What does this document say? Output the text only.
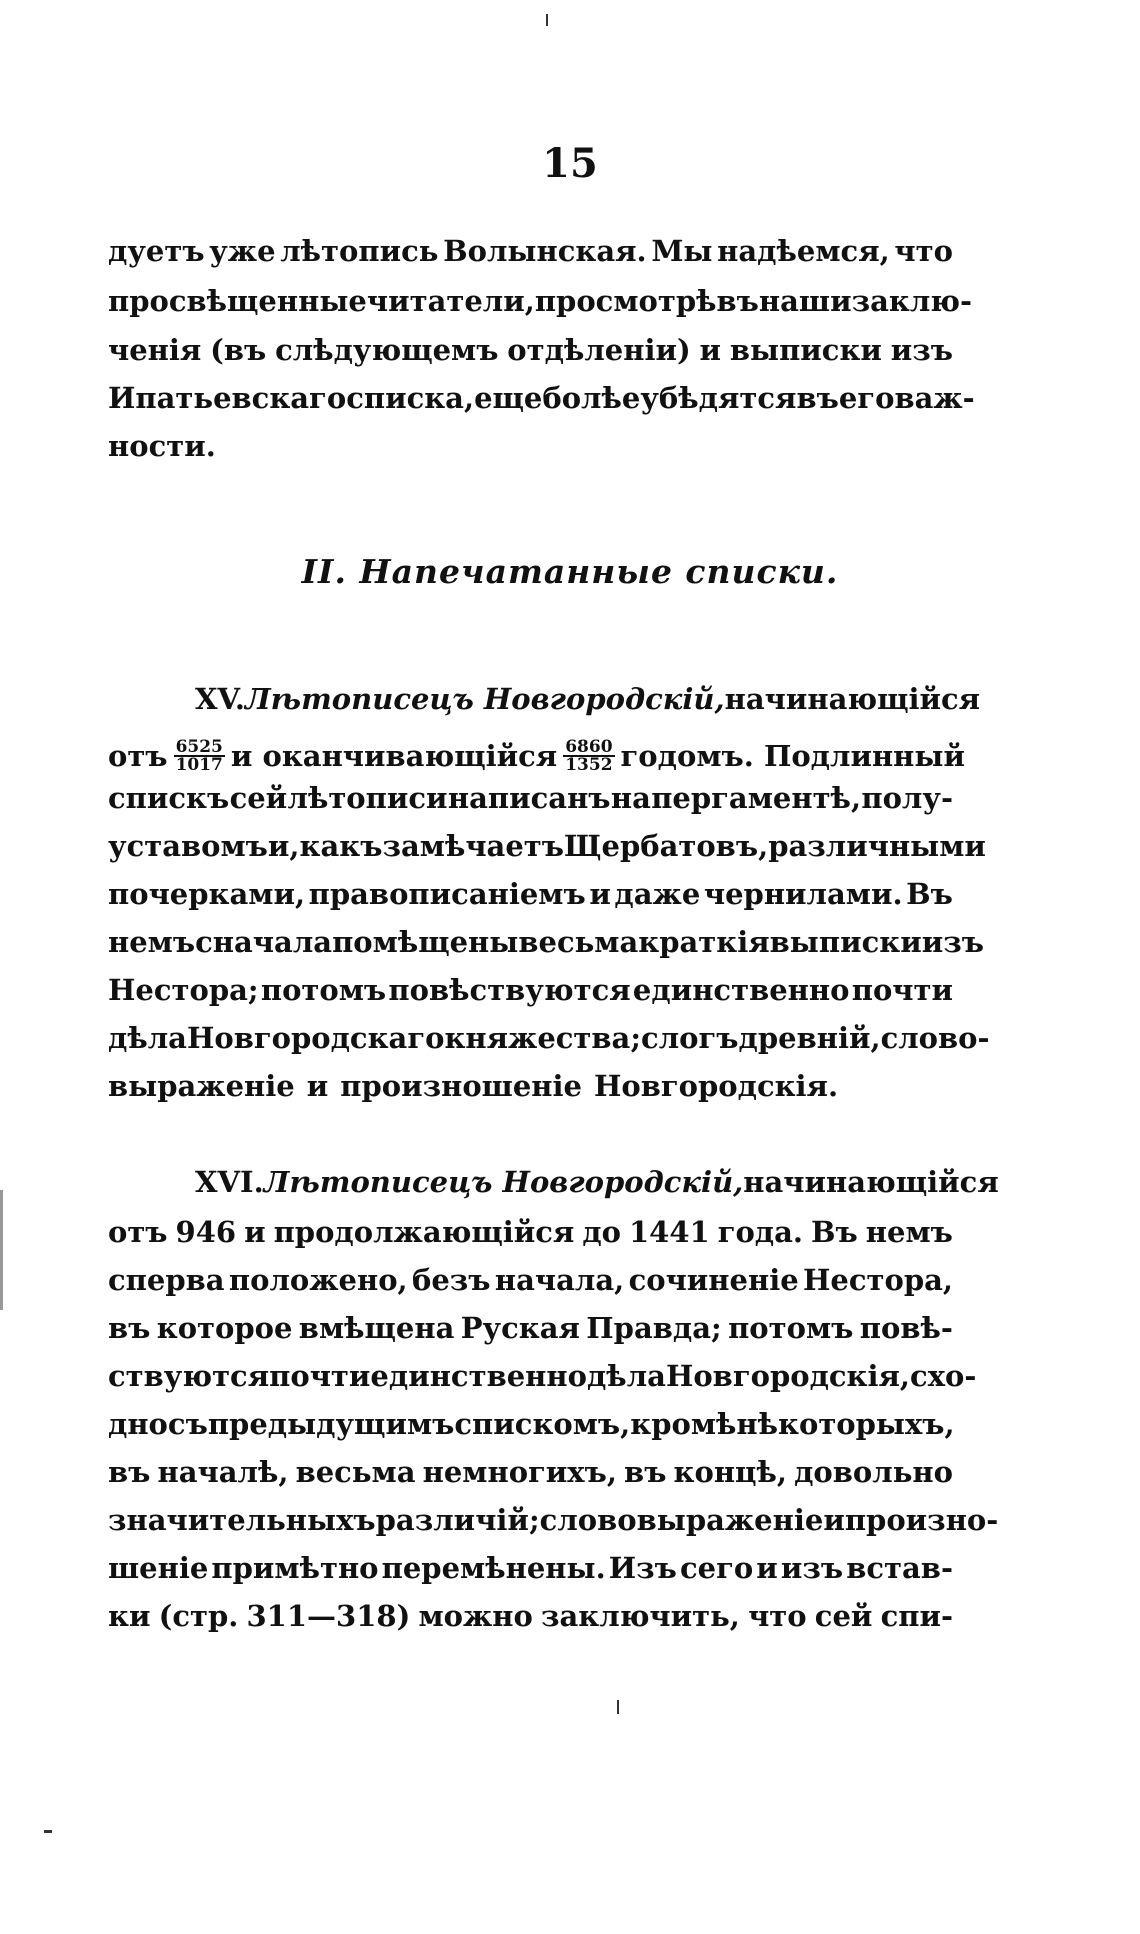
15
дуетъ уже лѣтопись Волынская. Мы надѣемся, что
просвѣщенные читатели, просмотрѣвъ наши заклю-
ченія (въ слѣдующемъ отдѣленіи) и выписки изъ
Ипатьевскаго списка, еще болѣе убѣдятся въ его важ-
ности.
II. Напечатанные списки.
XV. Лѣтописецъ Новгородскій, начинающійся
отъ $\frac{6525}{1017}$ и оканчивающійся $\frac{6860}{1352}$ годомъ. Подлинный
спискъ сей лѣтописи написанъ на пергаментѣ, полу-
уставомъ и, какъ замѣчаетъ Щербатовъ, различными
почерками, правописаніемъ и даже чернилами. Въ
немъ сначала помѣщены весьма краткія выписки изъ
Нестора; потомъ повѣствуются единственно почти
дѣла Новгородскаго княжества; слогъ древній, слово-
выраженіе и произношеніе Новгородскія.
XVI. Лѣтописецъ Новгородскій, начинающійся
отъ 946 и продолжающійся до 1441 года. Въ немъ
сперва положено, безъ начала, сочиненіе Нестора,
въ которое вмѣщена Руская Правда; потомъ повѣ-
ствуются почти единственно дѣла Новгородскія, схо-
дно съ предыдущимъ спискомъ, кромѣ нѣкоторыхъ,
въ началѣ, весьма немногихъ, въ концѣ, довольно
значительныхъ различій; слововыраженіе и произно-
шеніе примѣтно перемѣнены. Изъ сего и изъ встав-
ки (стр. 311—318) можно заключить, что сей спи-
